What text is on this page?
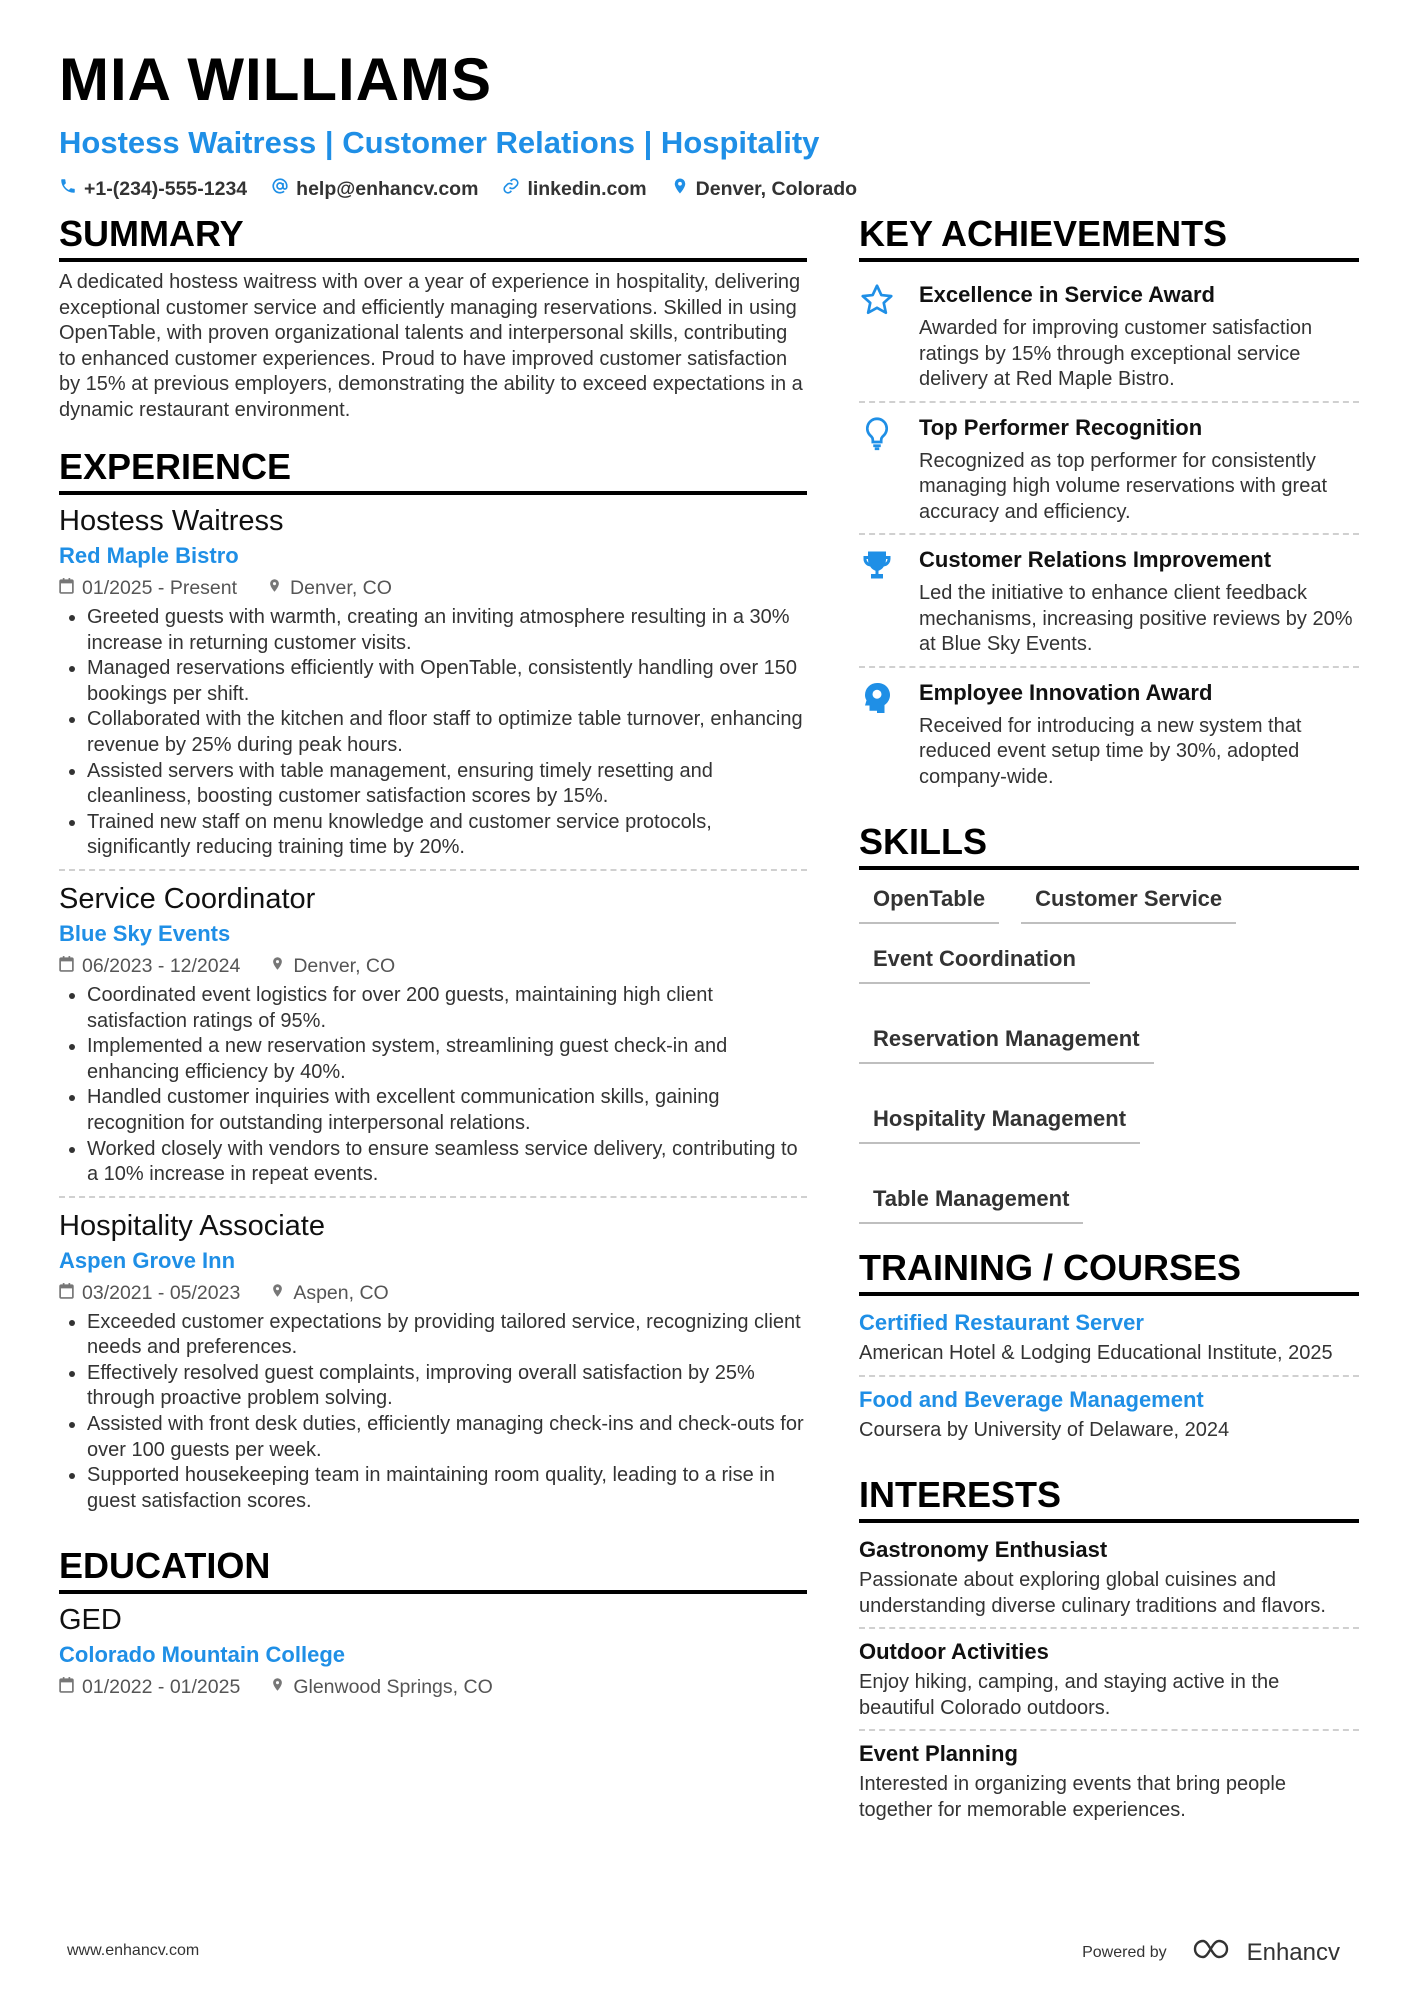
MIA WILLIAMS
Hostess Waitress | Customer Relations | Hospitality
+1-(234)-555-1234	help@enhancv.com	linkedin.com	Denver, Colorado
SUMMARY
A dedicated hostess waitress with over a year of experience in hospitality, delivering exceptional customer service and efficiently managing reservations. Skilled in using OpenTable, with proven organizational talents and interpersonal skills, contributing to enhanced customer experiences. Proud to have improved customer satisfaction by 15% at previous employers, demonstrating the ability to exceed expectations in a dynamic restaurant environment.
EXPERIENCE
Hostess Waitress
Red Maple Bistro
01/2025 - Present	Denver, CO
• Greeted guests with warmth, creating an inviting atmosphere resulting in a 30% increase in returning customer visits.
• Managed reservations efficiently with OpenTable, consistently handling over 150 bookings per shift.
• Collaborated with the kitchen and floor staff to optimize table turnover, enhancing revenue by 25% during peak hours.
• Assisted servers with table management, ensuring timely resetting and cleanliness, boosting customer satisfaction scores by 15%.
• Trained new staff on menu knowledge and customer service protocols, significantly reducing training time by 20%.
Service Coordinator
Blue Sky Events
06/2023 - 12/2024	Denver, CO
• Coordinated event logistics for over 200 guests, maintaining high client satisfaction ratings of 95%.
• Implemented a new reservation system, streamlining guest check-in and enhancing efficiency by 40%.
• Handled customer inquiries with excellent communication skills, gaining recognition for outstanding interpersonal relations.
• Worked closely with vendors to ensure seamless service delivery, contributing to a 10% increase in repeat events.
Hospitality Associate
Aspen Grove Inn
03/2021 - 05/2023	Aspen, CO
• Exceeded customer expectations by providing tailored service, recognizing client needs and preferences.
• Effectively resolved guest complaints, improving overall satisfaction by 25% through proactive problem solving.
• Assisted with front desk duties, efficiently managing check-ins and check-outs for over 100 guests per week.
• Supported housekeeping team in maintaining room quality, leading to a rise in guest satisfaction scores.
EDUCATION
GED
Colorado Mountain College
01/2022 - 01/2025	Glenwood Springs, CO
KEY ACHIEVEMENTS
Excellence in Service Award
Awarded for improving customer satisfaction ratings by 15% through exceptional service delivery at Red Maple Bistro.
Top Performer Recognition
Recognized as top performer for consistently managing high volume reservations with great accuracy and efficiency.
Customer Relations Improvement
Led the initiative to enhance client feedback mechanisms, increasing positive reviews by 20% at Blue Sky Events.
Employee Innovation Award
Received for introducing a new system that reduced event setup time by 30%, adopted company-wide.
SKILLS
OpenTable	Customer Service
Event Coordination
Reservation Management
Hospitality Management
Table Management
TRAINING / COURSES
Certified Restaurant Server
American Hotel & Lodging Educational Institute, 2025
Food and Beverage Management
Coursera by University of Delaware, 2024
INTERESTS
Gastronomy Enthusiast
Passionate about exploring global cuisines and understanding diverse culinary traditions and flavors.
Outdoor Activities
Enjoy hiking, camping, and staying active in the beautiful Colorado outdoors.
Event Planning
Interested in organizing events that bring people together for memorable experiences.
www.enhancv.com	Powered by	Enhancv
